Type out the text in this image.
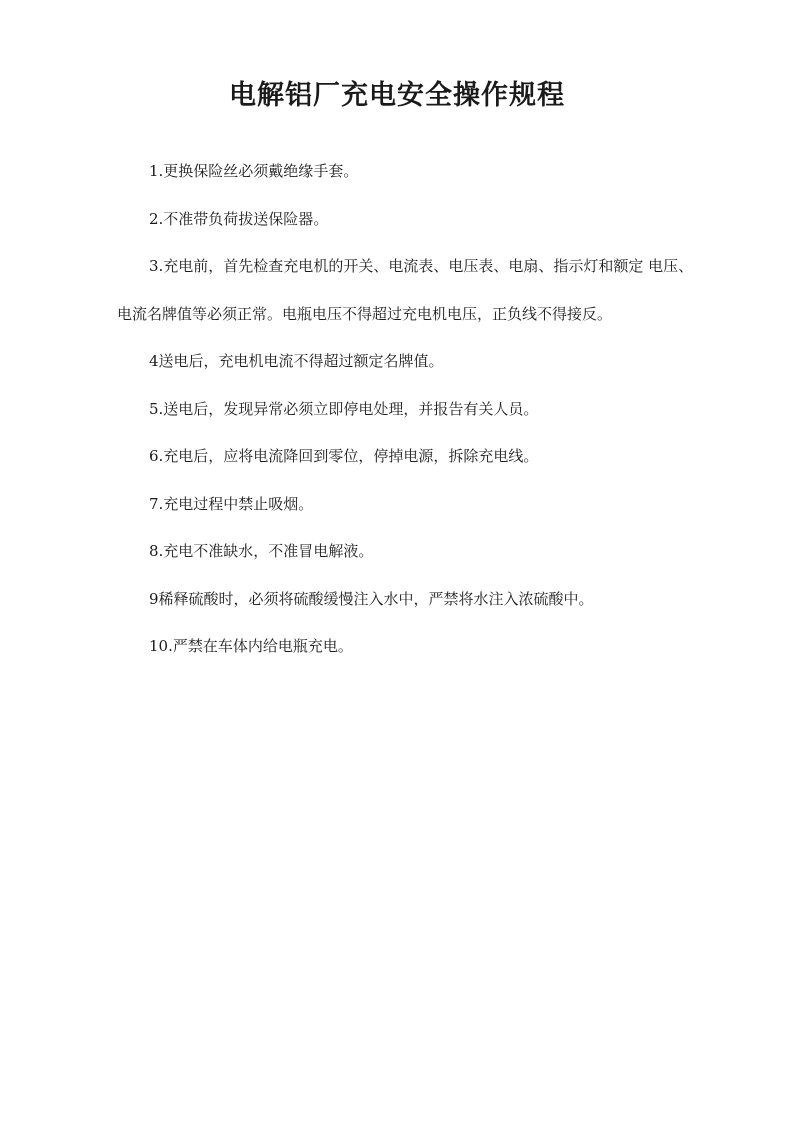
电解铝厂充电安全操作规程

1.更换保险丝必须戴绝缘手套。

2.不准带负荷拔送保险器。

3.充电前，首先检查充电机的开关、电流表、电压表、电扇、指示灯和额定 电压、电流名牌值等必须正常。电瓶电压不得超过充电机电压，正负线不得接反。

4送电后，充电机电流不得超过额定名牌值。

5.送电后，发现异常必须立即停电处理，并报告有关人员。

6.充电后，应将电流降回到零位，停掉电源，拆除充电线。

7.充电过程中禁止吸烟。

8.充电不准缺水，不准冒电解液。

9稀释硫酸时，必须将硫酸缓慢注入水中，严禁将水注入浓硫酸中。

10.严禁在车体内给电瓶充电。
